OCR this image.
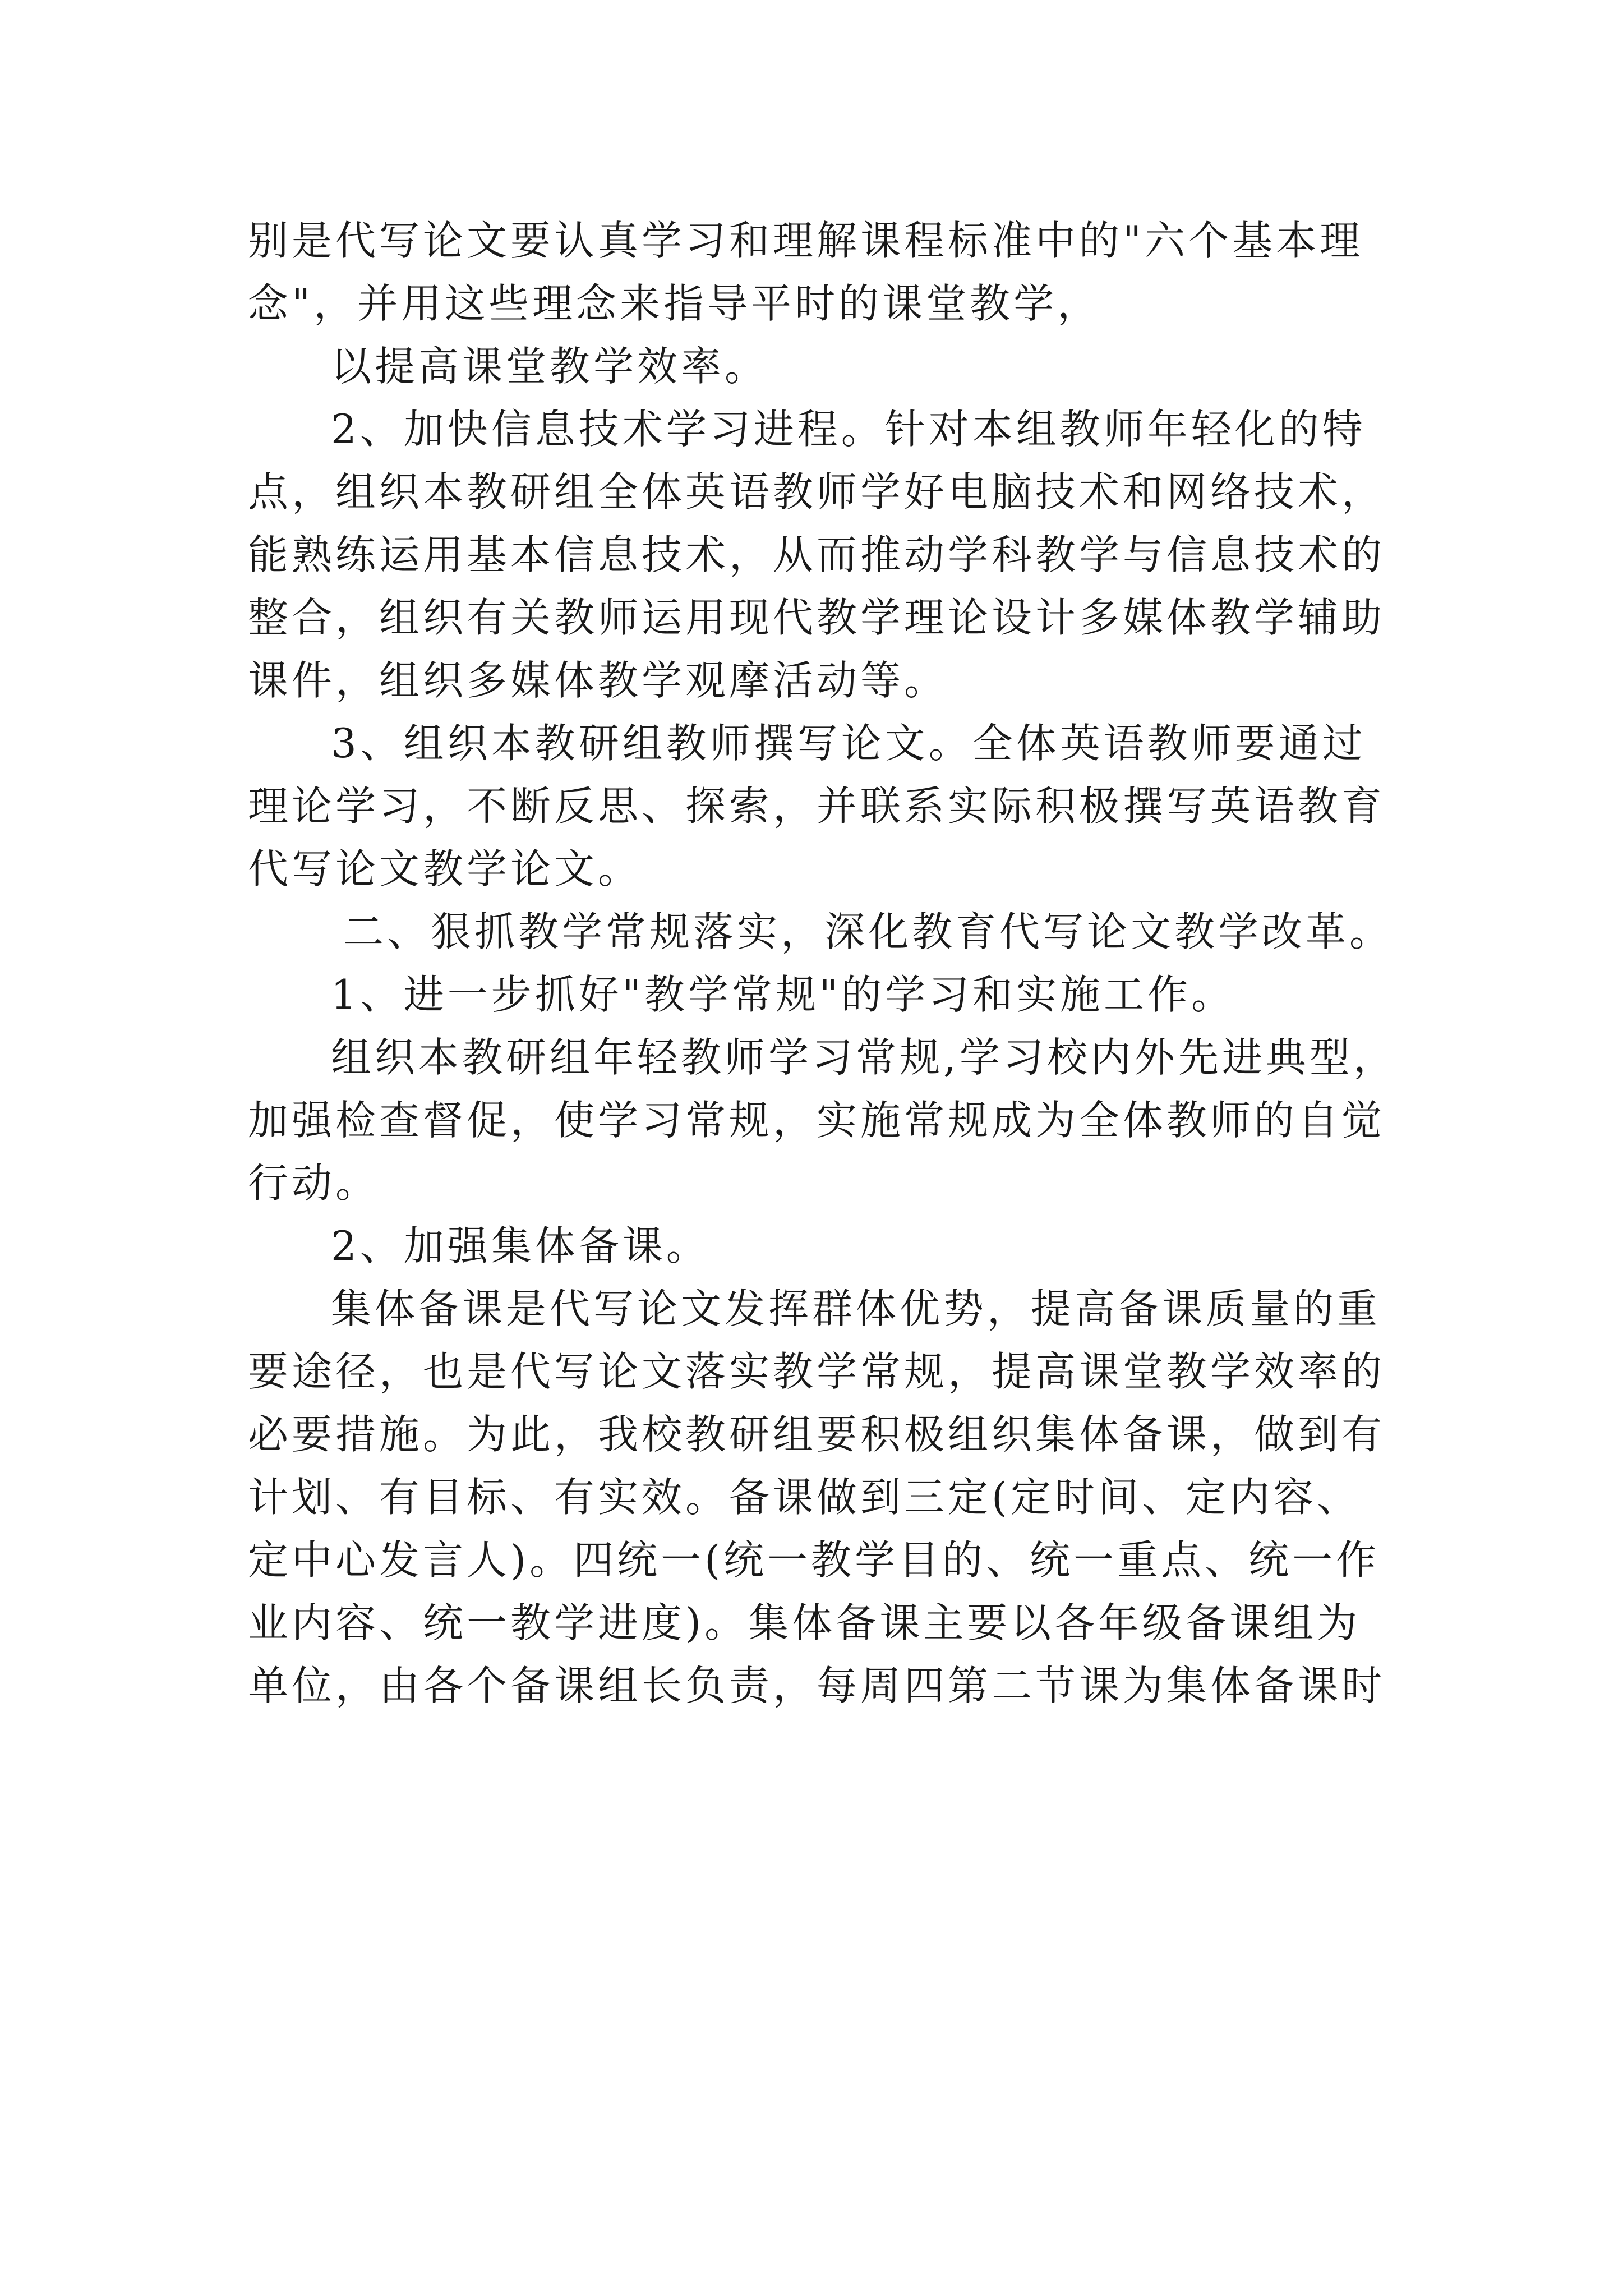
别是代写论文要认真学习和理解课程标准中的"六个基本理
念"，并用这些理念来指导平时的课堂教学，
以提高课堂教学效率。
2、加快信息技术学习进程。针对本组教师年轻化的特
点，组织本教研组全体英语教师学好电脑技术和网络技术，
能熟练运用基本信息技术，从而推动学科教学与信息技术的
整合，组织有关教师运用现代教学理论设计多媒体教学辅助
课件，组织多媒体教学观摩活动等。
3、组织本教研组教师撰写论文。全体英语教师要通过
理论学习，不断反思、探索，并联系实际积极撰写英语教育
代写论文教学论文。
二、狠抓教学常规落实，深化教育代写论文教学改革。
1、进一步抓好"教学常规"的学习和实施工作。
组织本教研组年轻教师学习常规,学习校内外先进典型，
加强检查督促，使学习常规，实施常规成为全体教师的自觉
行动。
2、加强集体备课。
集体备课是代写论文发挥群体优势，提高备课质量的重
要途径，也是代写论文落实教学常规，提高课堂教学效率的
必要措施。为此，我校教研组要积极组织集体备课，做到有
计划、有目标、有实效。备课做到三定(定时间、定内容、
定中心发言人)。四统一(统一教学目的、统一重点、统一作
业内容、统一教学进度)。集体备课主要以各年级备课组为
单位，由各个备课组长负责，每周四第二节课为集体备课时
